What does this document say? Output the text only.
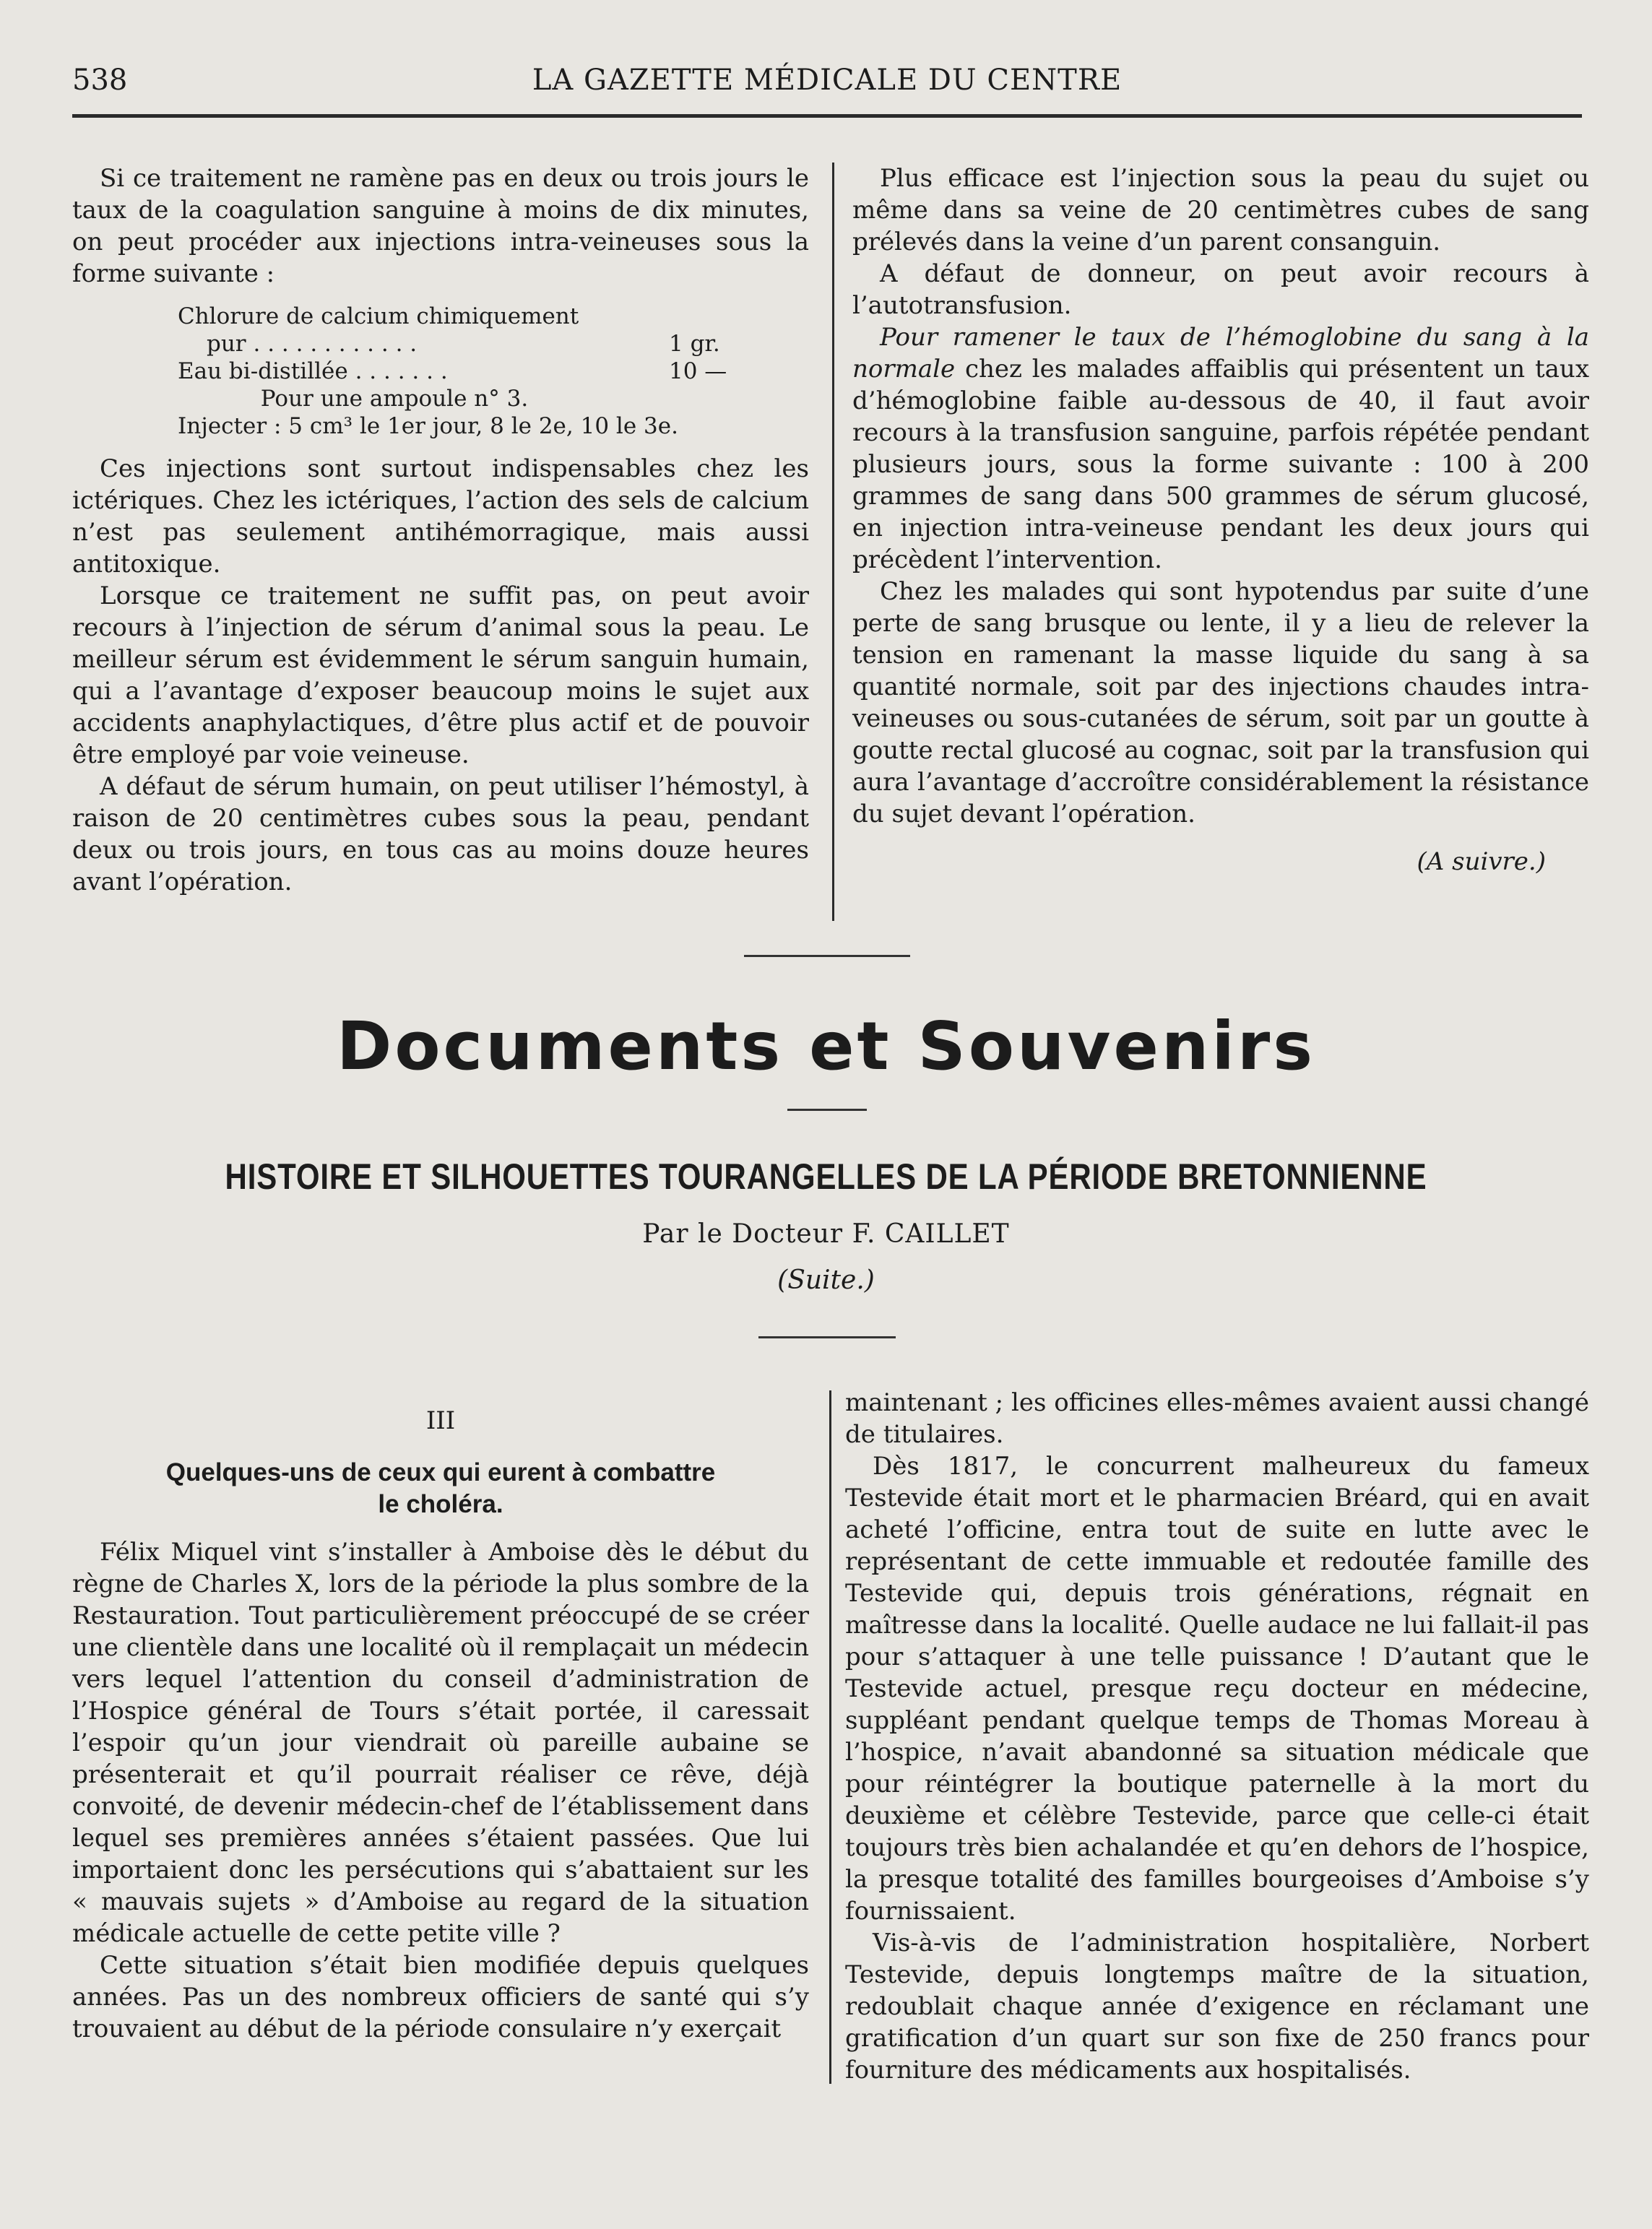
538	LA GAZETTE MÉDICALE DU CENTRE

Si ce traitement ne ramène pas en deux ou trois jours le taux de la coagulation sanguine à moins de dix minutes, on peut procéder aux injections intra-veineuses sous la forme suivante :

Chlorure de calcium chimiquement
pur . . . . . . . . . . . .	1 gr.
Eau bi-distillée . . . . . . .	10 —
Pour une ampoule n° 3.
Injecter : 5 cm³ le 1er jour, 8 le 2e, 10 le 3e.

Ces injections sont surtout indispensables chez les ictériques. Chez les ictériques, l’action des sels de calcium n’est pas seulement antihémorragique, mais aussi antitoxique.

Lorsque ce traitement ne suffit pas, on peut avoir recours à l’injection de sérum d’animal sous la peau. Le meilleur sérum est évidemment le sérum sanguin humain, qui a l’avantage d’exposer beaucoup moins le sujet aux accidents anaphylactiques, d’être plus actif et de pouvoir être employé par voie veineuse.

A défaut de sérum humain, on peut utiliser l’hémostyl, à raison de 20 centimètres cubes sous la peau, pendant deux ou trois jours, en tous cas au moins douze heures avant l’opération.

Plus efficace est l’injection sous la peau du sujet ou même dans sa veine de 20 centimètres cubes de sang prélevés dans la veine d’un parent consanguin.

A défaut de donneur, on peut avoir recours à l’autotransfusion.

Pour ramener le taux de l’hémoglobine du sang à la normale chez les malades affaiblis qui présentent un taux d’hémoglobine faible au-dessous de 40, il faut avoir recours à la transfusion sanguine, parfois répétée pendant plusieurs jours, sous la forme suivante : 100 à 200 grammes de sang dans 500 grammes de sérum glucosé, en injection intra-veineuse pendant les deux jours qui précèdent l’intervention.

Chez les malades qui sont hypotendus par suite d’une perte de sang brusque ou lente, il y a lieu de relever la tension en ramenant la masse liquide du sang à sa quantité normale, soit par des injections chaudes intra-veineuses ou sous-cutanées de sérum, soit par un goutte à goutte rectal glucosé au cognac, soit par la transfusion qui aura l’avantage d’accroître considérablement la résistance du sujet devant l’opération.

(A suivre.)

Documents et Souvenirs
HISTOIRE ET SILHOUETTES TOURANGELLES DE LA PÉRIODE BRETONNIENNE
Par le Docteur F. CAILLET
(Suite.)

III

Quelques-uns de ceux qui eurent à combattre le choléra.

Félix Miquel vint s’installer à Amboise dès le début du règne de Charles X, lors de la période la plus sombre de la Restauration. Tout particulièrement préoccupé de se créer une clientèle dans une localité où il remplaçait un médecin vers lequel l’attention du conseil d’administration de l’Hospice général de Tours s’était portée, il caressait l’espoir qu’un jour viendrait où pareille aubaine se présenterait et qu’il pourrait réaliser ce rêve, déjà convoité, de devenir médecin-chef de l’établissement dans lequel ses premières années s’étaient passées. Que lui importaient donc les persécutions qui s’abattaient sur les « mauvais sujets » d’Amboise au regard de la situation médicale actuelle de cette petite ville ?

Cette situation s’était bien modifiée depuis quelques années. Pas un des nombreux officiers de santé qui s’y trouvaient au début de la période consulaire n’y exerçait

maintenant ; les officines elles-mêmes avaient aussi changé de titulaires.

Dès 1817, le concurrent malheureux du fameux Testevide était mort et le pharmacien Bréard, qui en avait acheté l’officine, entra tout de suite en lutte avec le représentant de cette immuable et redoutée famille des Testevide qui, depuis trois générations, régnait en maîtresse dans la localité. Quelle audace ne lui fallait-il pas pour s’attaquer à une telle puissance ! D’autant que le Testevide actuel, presque reçu docteur en médecine, suppléant pendant quelque temps de Thomas Moreau à l’hospice, n’avait abandonné sa situation médicale que pour réintégrer la boutique paternelle à la mort du deuxième et célèbre Testevide, parce que celle-ci était toujours très bien achalandée et qu’en dehors de l’hospice, la presque totalité des familles bourgeoises d’Amboise s’y fournissaient.

Vis-à-vis de l’administration hospitalière, Norbert Testevide, depuis longtemps maître de la situation, redoublait chaque année d’exigence en réclamant une gratification d’un quart sur son fixe de 250 francs pour fourniture des médicaments aux hospitalisés.
